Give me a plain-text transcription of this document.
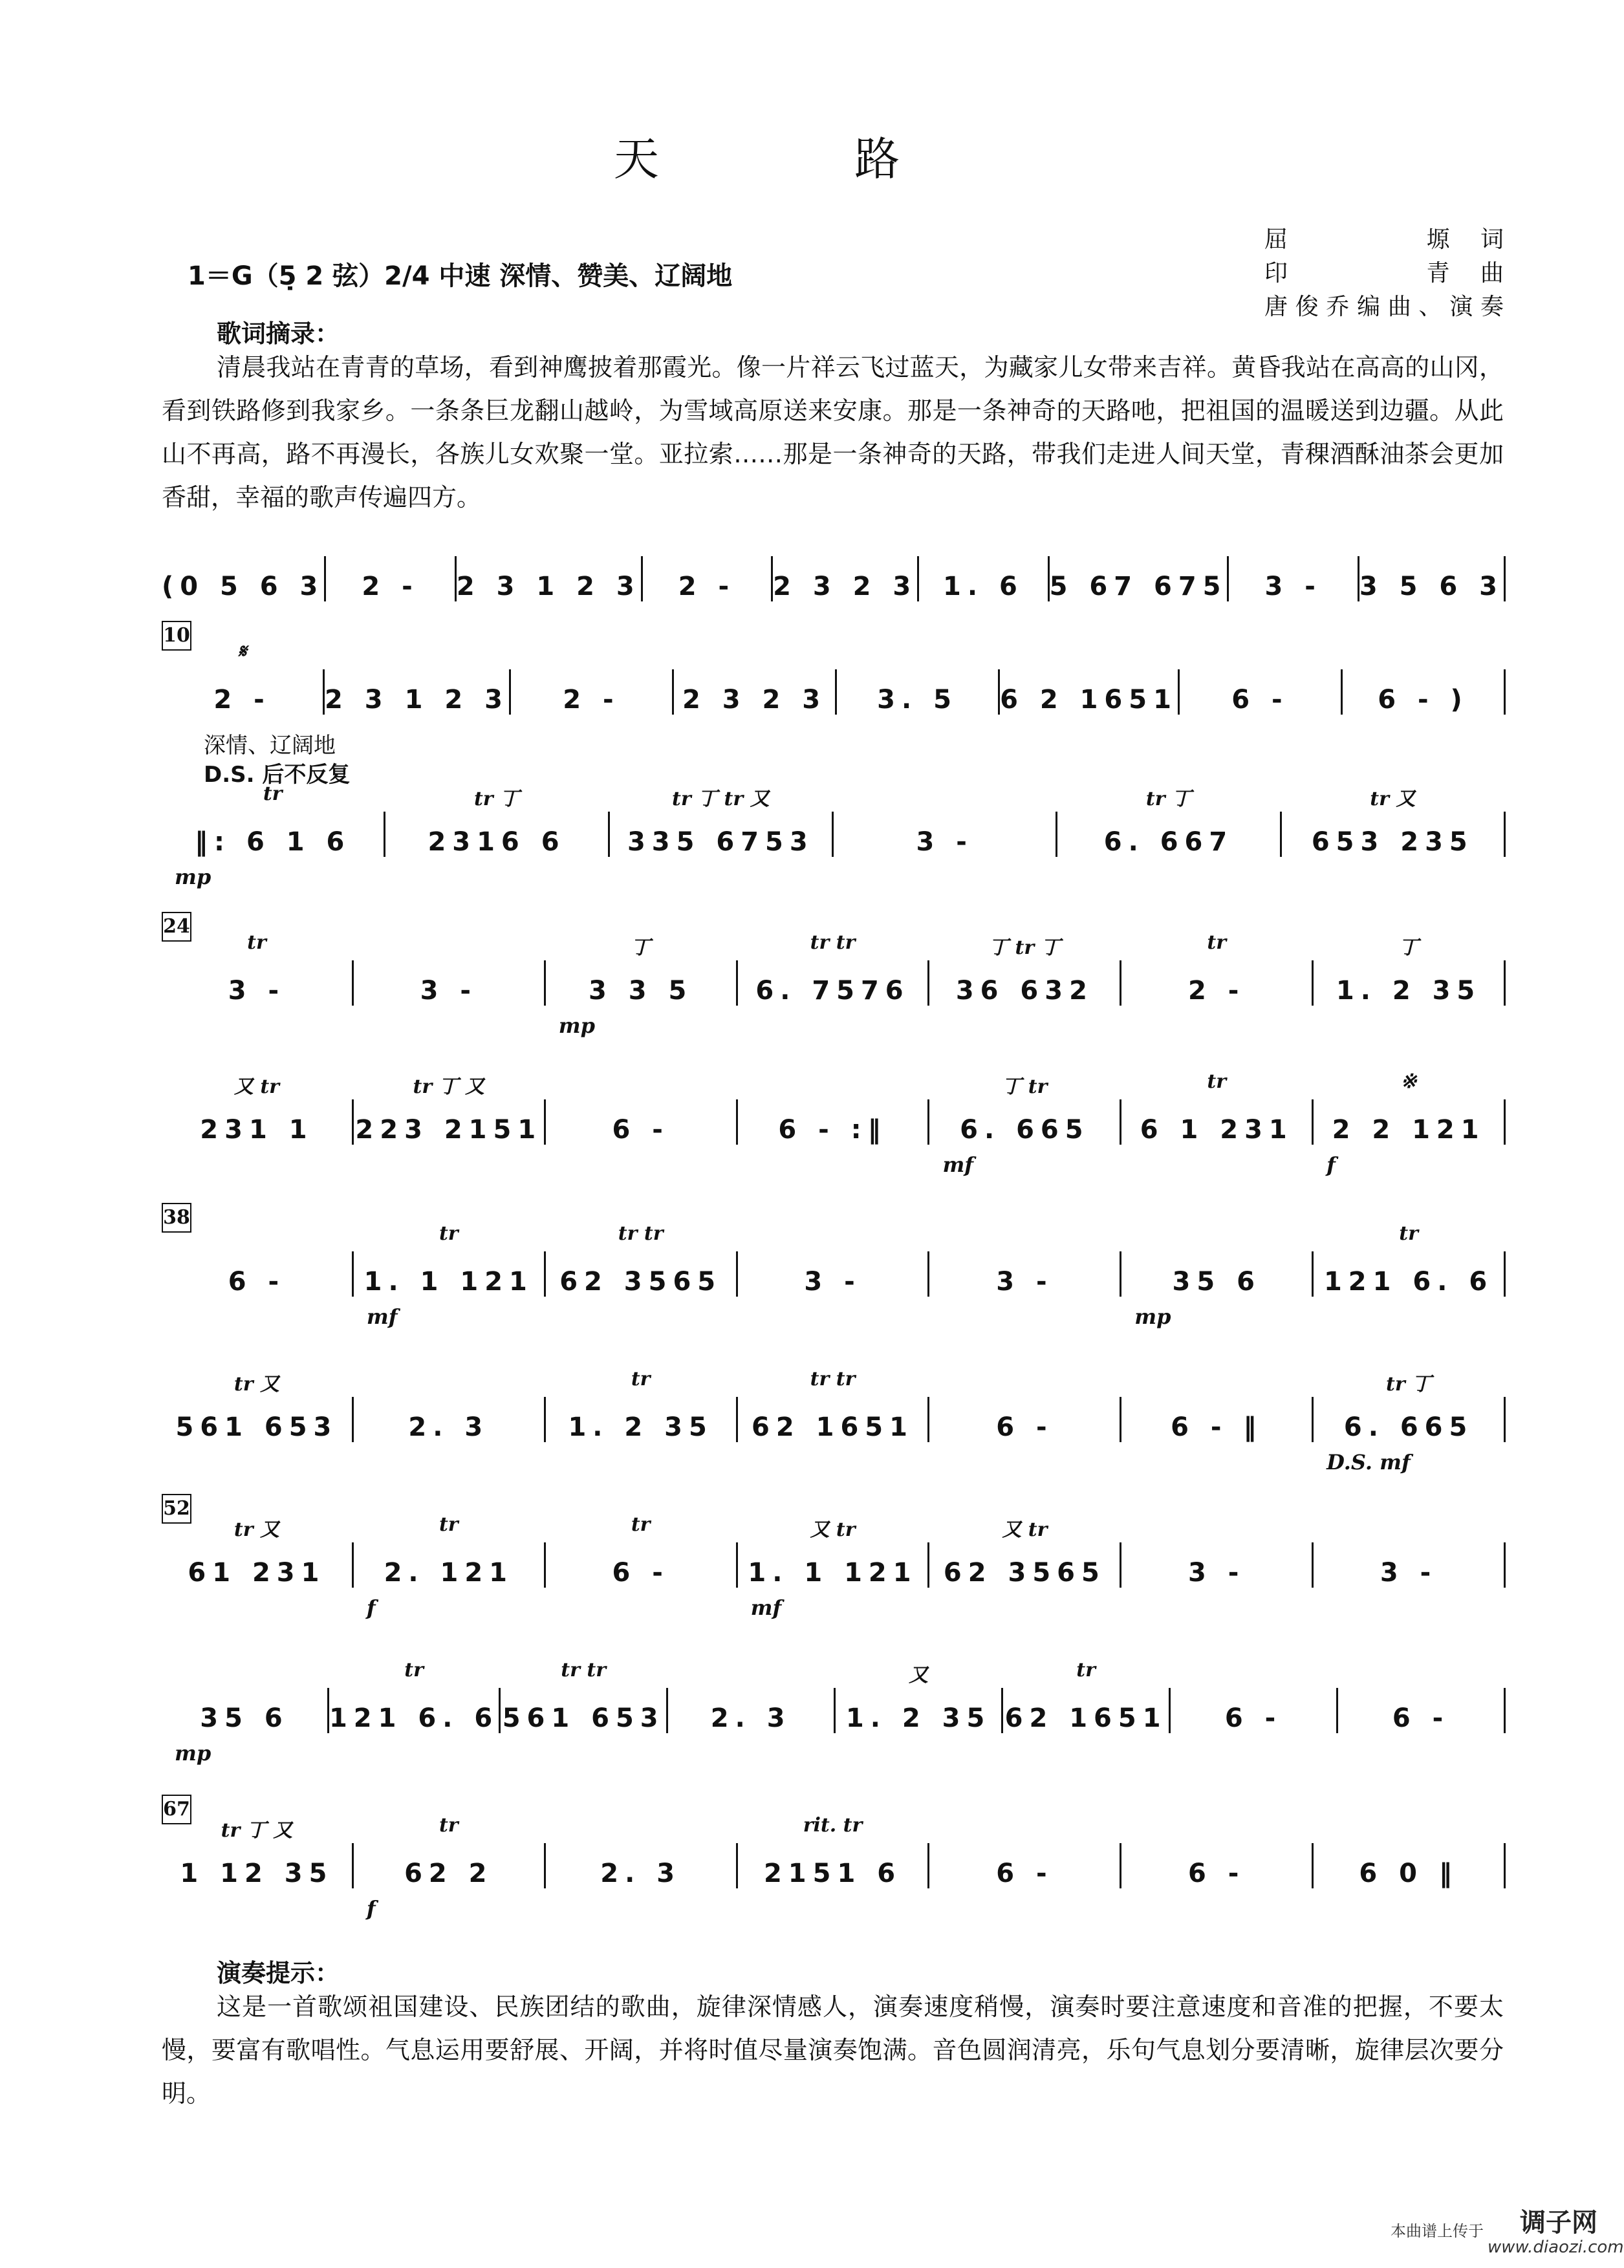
天 路
1＝G（5̣ 2 弦）2/4 中速 深情、赞美、辽阔地
屈　　塬词
印　　青曲
唐俊乔编曲、演奏
歌词摘录：
清晨我站在青青的草场，看到神鹰披着那霞光。像一片祥云飞过蓝天，为藏家儿女带来吉祥。黄昏我站在高高的山冈，看到铁路修到我家乡。一条条巨龙翻山越岭，为雪域高原送来安康。那是一条神奇的天路吔，把祖国的温暖送到边疆。从此山不再高，路不再漫长，各族儿女欢聚一堂。亚拉索……那是一条神奇的天路，带我们走进人间天堂，青稞酒酥油茶会更加香甜，幸福的歌声传遍四方。
深情、辽阔地
D.S. 后不反复
(0 5 6 3 2 - 2 3 1 2 3 2 - 2 3 2 3 1. 6 5 67 675 3 - 3 5 6 3
10
2 -
𝄋
2 3 1 2 3 2 - 2 3 2 3 3. 5 6 2 1651 6 -	6 - )
‖: 6 1 6
tr
mp
2316 6
tr 丁
335 6753
tr 丁 tr 又
3 -	6. 667
tr 丁
653 235
tr 又
24
3 -
tr
3 -	3 3 5
丁
mp
6. 7576
tr tr
36 632
丁 tr 丁
2 -
tr
1. 2 35
丁
231 1
又 tr
223 2151
tr 丁 又
6 -	6 - :‖	6. 665
丁 tr
mf
6 1 231
tr
2 2 121
※
f
38
6 -	1. 1 121
tr
mf
62 3565
tr tr
3 -	3 -	35 6
mp
121 6. 6
tr
561 653
tr 又
2. 3	1. 2 35
tr
62 1651
tr tr
6 -	6 - ‖	6. 665
tr 丁
D.S. mf
52
61 231
tr 又
2. 121
tr
f
6 -
tr
1. 1 121
又 tr
mf
62 3565
又 tr
3 -	3 -
35 6
mp
121 6. 6
tr
561 653
tr tr
2. 3 1. 2 35
又
62 1651
tr
6 -	6 -
67
1 12 35
tr 丁 又
62 2
tr
f
2. 3	2151 6
rit. tr
6 -	6 -	6 0 ‖
演奏提示：
这是一首歌颂祖国建设、民族团结的歌曲，旋律深情感人，演奏速度稍慢，演奏时要注意速度和音准的把握，不要太慢，要富有歌唱性。气息运用要舒展、开阔，并将时值尽量演奏饱满。音色圆润清亮，乐句气息划分要清晰，旋律层次要分明。
本曲谱上传于 调子网
www.diaozi.com
